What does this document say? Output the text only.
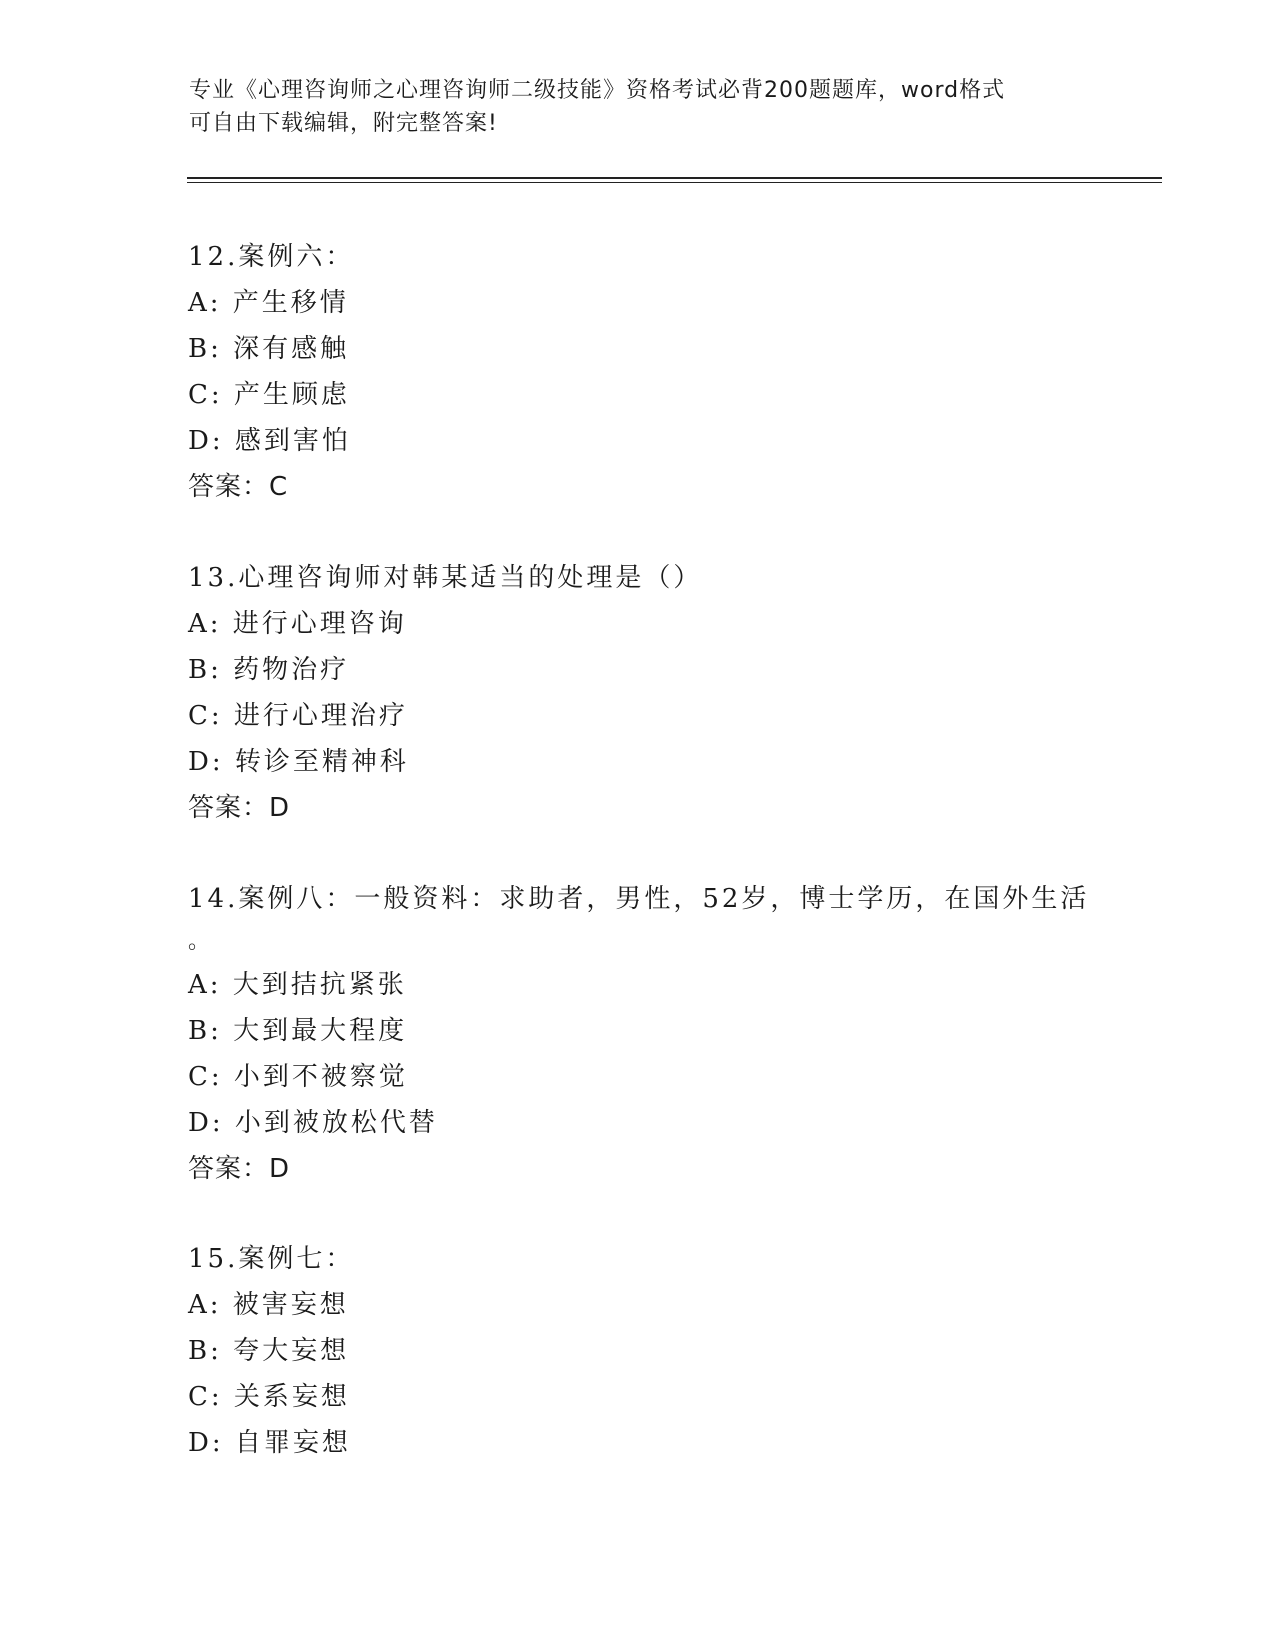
专业《心理咨询师之心理咨询师二级技能》资格考试必背200题题库，word格式
可自由下载编辑，附完整答案!
12.案例六：
A: 产生移情
B: 深有感触
C: 产生顾虑
D: 感到害怕
答案：C
13.心理咨询师对韩某适当的处理是（）
A: 进行心理咨询
B: 药物治疗
C: 进行心理治疗
D: 转诊至精神科
答案：D
14.案例八：一般资料：求助者，男性，52岁，博士学历，在国外生活
。
A: 大到拮抗紧张
B: 大到最大程度
C: 小到不被察觉
D: 小到被放松代替
答案：D
15.案例七：
A: 被害妄想
B: 夸大妄想
C: 关系妄想
D: 自罪妄想
